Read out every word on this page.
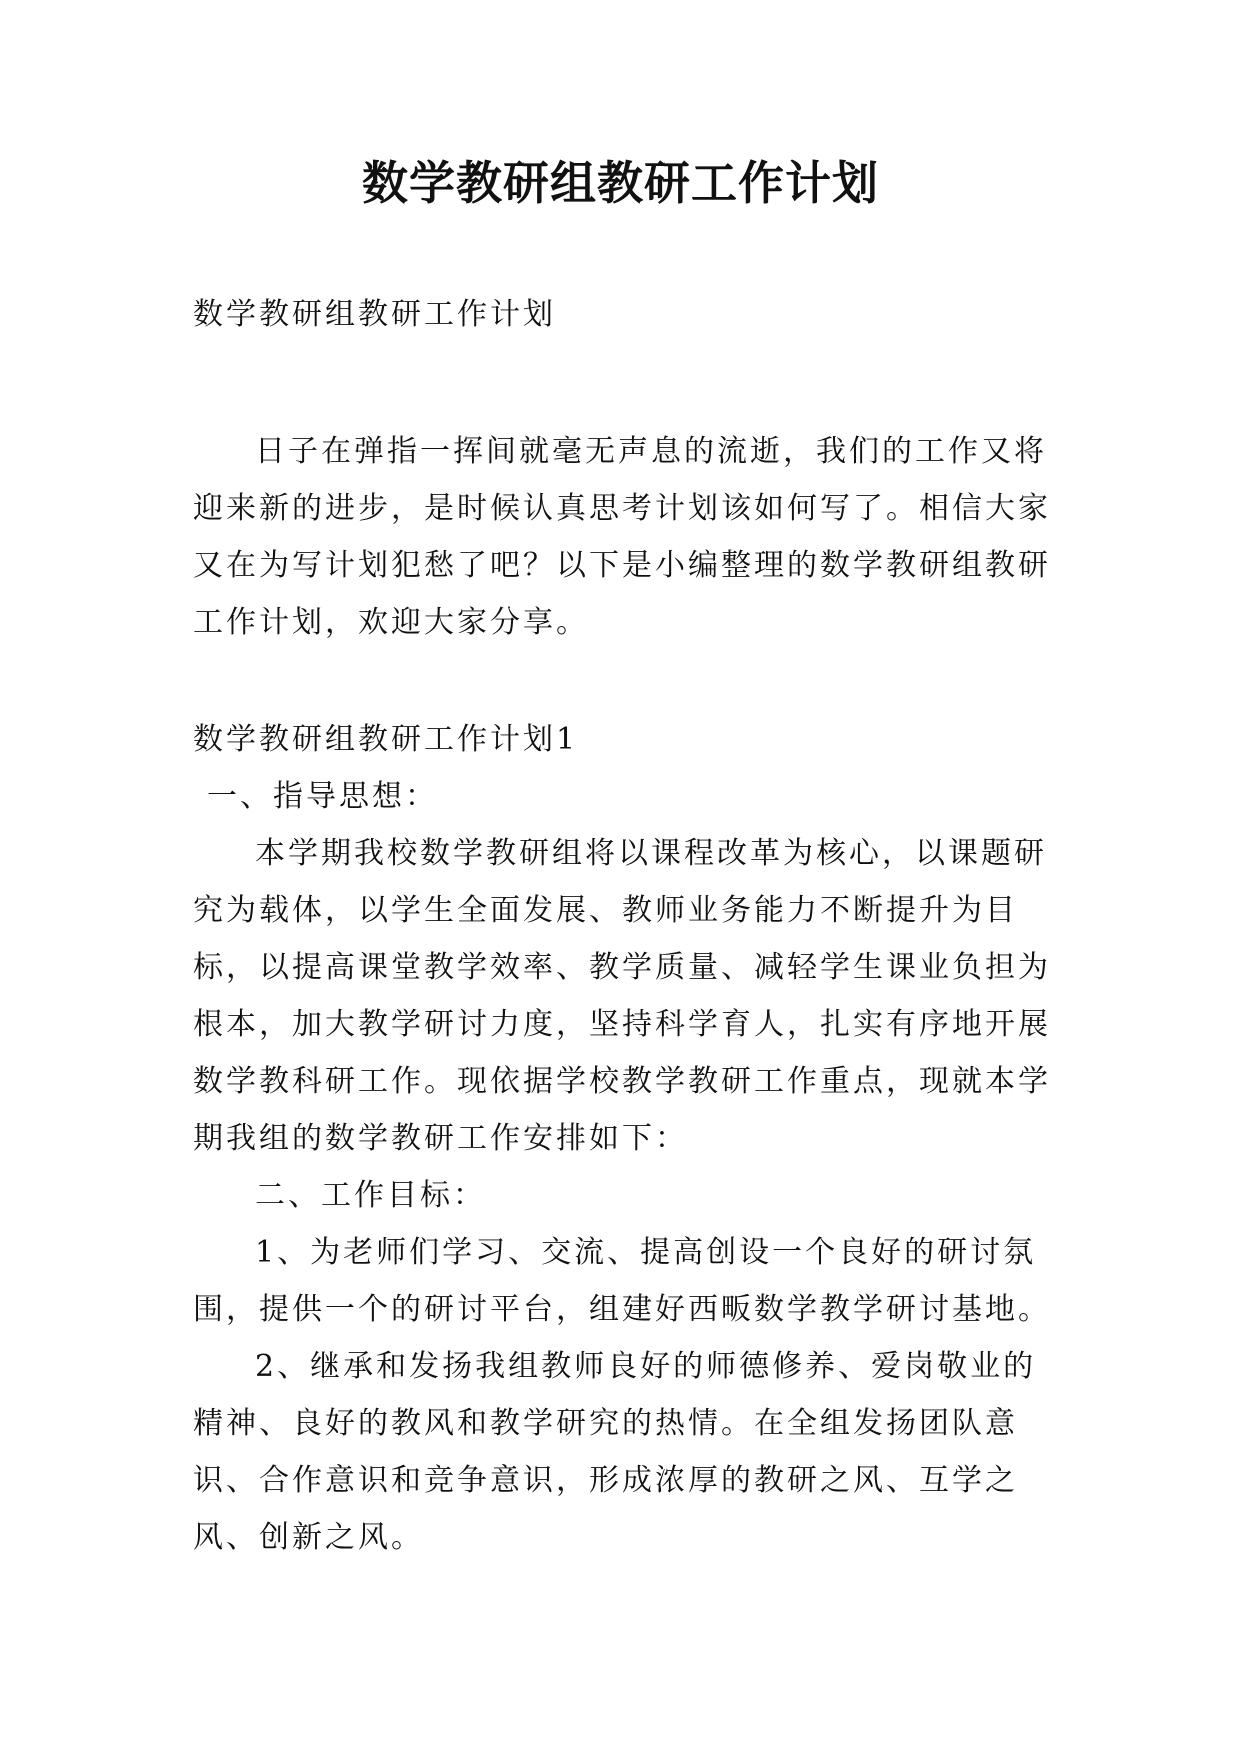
数学教研组教研工作计划

数学教研组教研工作计划

日子在弹指一挥间就毫无声息的流逝，我们的工作又将迎来新的进步，是时候认真思考计划该如何写了。相信大家又在为写计划犯愁了吧？以下是小编整理的数学教研组教研工作计划，欢迎大家分享。

数学教研组教研工作计划1

一、指导思想：

本学期我校数学教研组将以课程改革为核心，以课题研究为载体，以学生全面发展、教师业务能力不断提升为目标，以提高课堂教学效率、教学质量、减轻学生课业负担为根本，加大教学研讨力度，坚持科学育人，扎实有序地开展数学教科研工作。现依据学校教学教研工作重点，现就本学期我组的数学教研工作安排如下：

二、工作目标：

1、为老师们学习、交流、提高创设一个良好的研讨氛围，提供一个的研讨平台，组建好西畈数学教学研讨基地。

2、继承和发扬我组教师良好的师德修养、爱岗敬业的精神、良好的教风和教学研究的热情。在全组发扬团队意识、合作意识和竞争意识，形成浓厚的教研之风、互学之风、创新之风。
